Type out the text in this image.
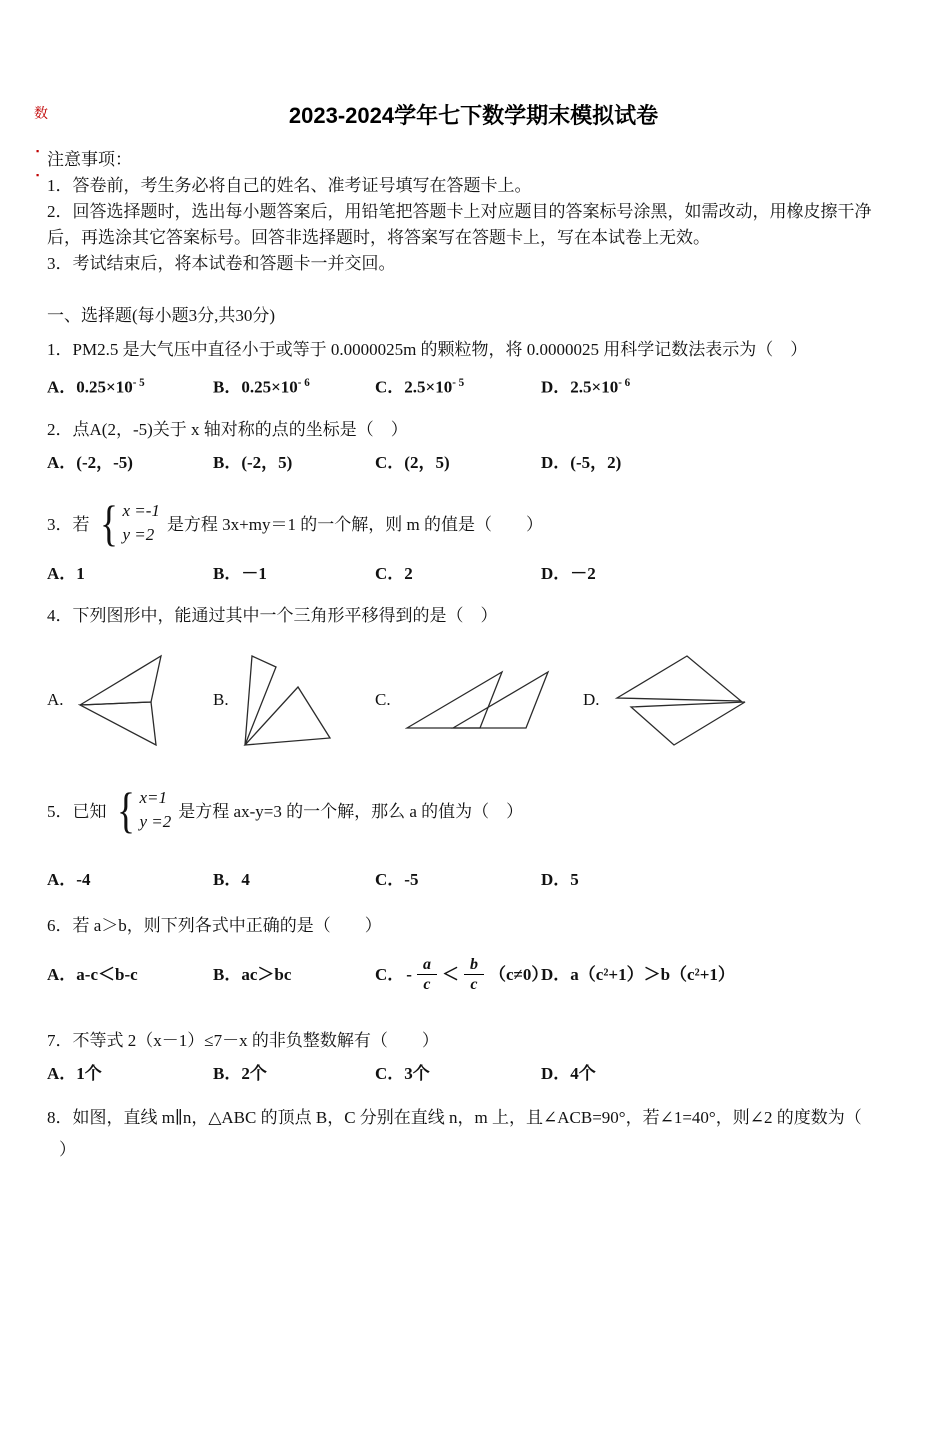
数
▪
▪
2023-2024学年七下数学期末模拟试卷

注意事项：

1．答卷前，考生务必将自己的姓名、准考证号填写在答题卡上。

2．回答选择题时，选出每小题答案后，用铅笔把答题卡上对应题目的答案标号涂黑，如需改动，用橡皮擦干净后，再选涂其它答案标号。回答非选择题时，将答案写在答题卡上，写在本试卷上无效。

3．考试结束后，将本试卷和答题卡一并交回。

一、选择题(每小题3分,共30分)

1．PM2.5 是大气压中直径小于或等于 0.0000025m 的颗粒物，将 0.0000025 用科学记数法表示为（　）

A．$0.25\times 10^{- 5}$	B．$0.25\times 10^{- 6}$	C．$2.5\times 10^{- 5}$	D．$2.5\times 10^{- 6}$

2．点A(2，-5)关于 x 轴对称的点的坐标是（　）

A．(-2，-5)	B．(-2，5)	C．(2，5)	D．(-5，2)
3．若 { x =-1
y =2 是方程 3x+my＝1 的一个解，则 m 的值是（　　）
A．1	B．－1	C．2	D．－2

4．下列图形中，能通过其中一个三角形平移得到的是（　）

A.	B.	C.	D.
5．已知 { x=1
y =2 是方程 ax-y=3 的一个解，那么 a 的值为（　）
A．-4	B．4	C．-5	D．5

6．若 a＞b，则下列各式中正确的是（　　）

A．a-c＜b-c	B．ac＞bc	C． - $\frac{a}{c} < \frac{b}{c} (c\ne 0)$
D．a（c²+1）＞b（c²+1）

7．不等式 2（x－1）≤7－x 的非负整数解有（　　）

A．1个	B．2个	C．3个	D．4个

8．如图，直线 m∥n，△ABC 的顶点 B，C 分别在直线 n，m 上，且∠ACB=90°，若∠1=40°，则∠2 的度数为（

）
